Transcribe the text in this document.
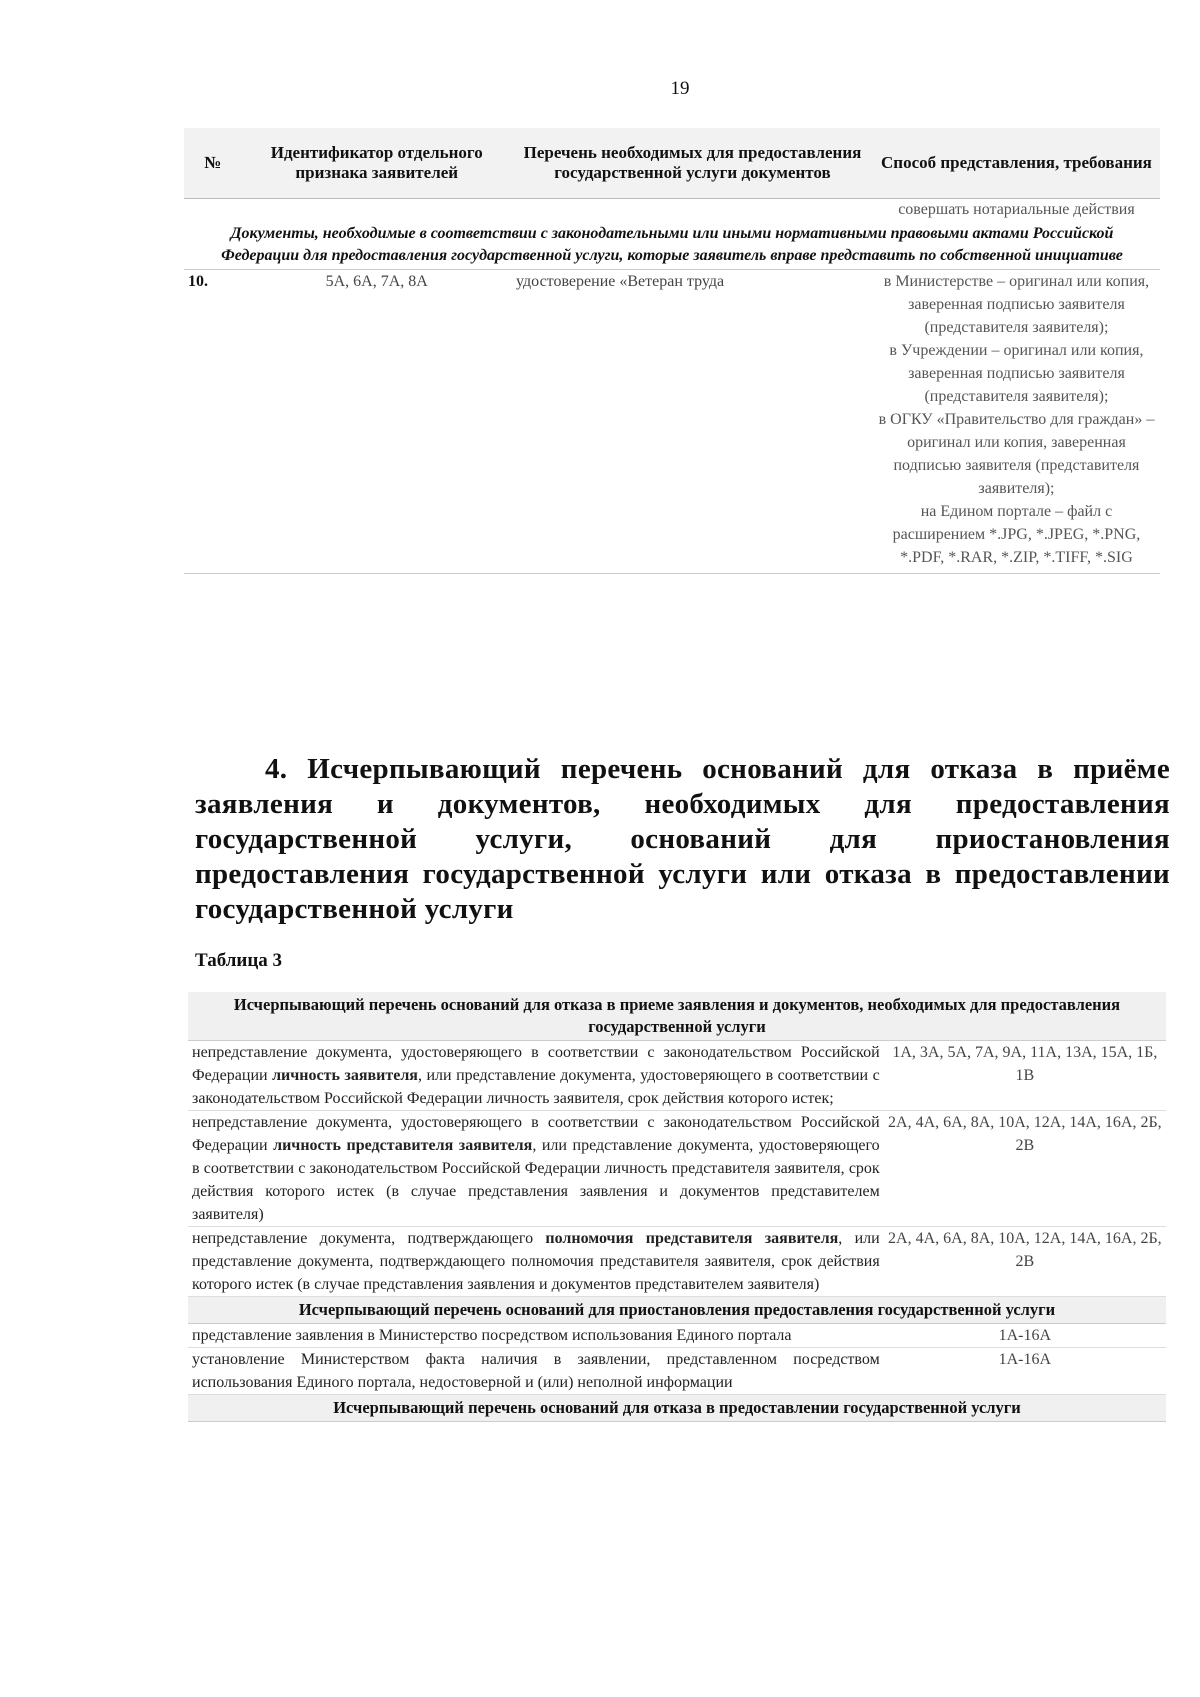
19
№	Идентификатор отдельного признака заявителей	Перечень необходимых для предоставления государственной услуги документов	Способ представления, требования
			совершать нотариальные действия
Документы, необходимые в соответствии с законодательными или иными нормативными правовыми актами Российской Федерации для предоставления государственной услуги, которые заявитель вправе представить по собственной инициативе			
10.	5А, 6А, 7А, 8А	удостоверение «Ветеран труда	в Министерстве – оригинал или копия, заверенная подписью заявителя (представителя заявителя);
в Учреждении – оригинал или копия, заверенная подписью заявителя (представителя заявителя);
в ОГКУ «Правительство для граждан» – оригинал или копия, заверенная подписью заявителя (представителя заявителя);
на Едином портале – файл с расширением *.JPG, *.JPEG, *.PNG, *.PDF, *.RAR, *.ZIP, *.TIFF, *.SIG
4. Исчерпывающий перечень оснований для отказа в приёме заявления и документов, необходимых для предоставления государственной услуги, оснований для приостановления предоставления государственной услуги или отказа в предоставлении государственной услуги
Таблица 3
Исчерпывающий перечень оснований для отказа в приеме заявления и документов, необходимых для предоставления государственной услуги	
непредставление документа, удостоверяющего в соответствии с законодательством Российской Федерации личность заявителя, или представление документа, удостоверяющего в соответствии с законодательством Российской Федерации личность заявителя, срок действия которого истек;	1А, 3А, 5А, 7А, 9А, 11А, 13А, 15А, 1Б, 1В
непредставление документа, удостоверяющего в соответствии с законодательством Российской Федерации личность представителя заявителя, или представление документа, удостоверяющего в соответствии с законодательством Российской Федерации личность представителя заявителя, срок действия которого истек (в случае представления заявления и документов представителем заявителя)	2А, 4А, 6А, 8А, 10А, 12А, 14А, 16А, 2Б, 2В
непредставление документа, подтверждающего полномочия представителя заявителя, или представление документа, подтверждающего полномочия представителя заявителя, срок действия которого истек (в случае представления заявления и документов представителем заявителя)	2А, 4А, 6А, 8А, 10А, 12А, 14А, 16А, 2Б, 2В
Исчерпывающий перечень оснований для приостановления предоставления государственной услуги	
представление заявления в Министерство посредством использования Единого портала	1А-16А
установление Министерством факта наличия в заявлении, представленном посредством использования Единого портала, недостоверной и (или) неполной информации	1А-16А
Исчерпывающий перечень оснований для отказа в предоставлении государственной услуги	
